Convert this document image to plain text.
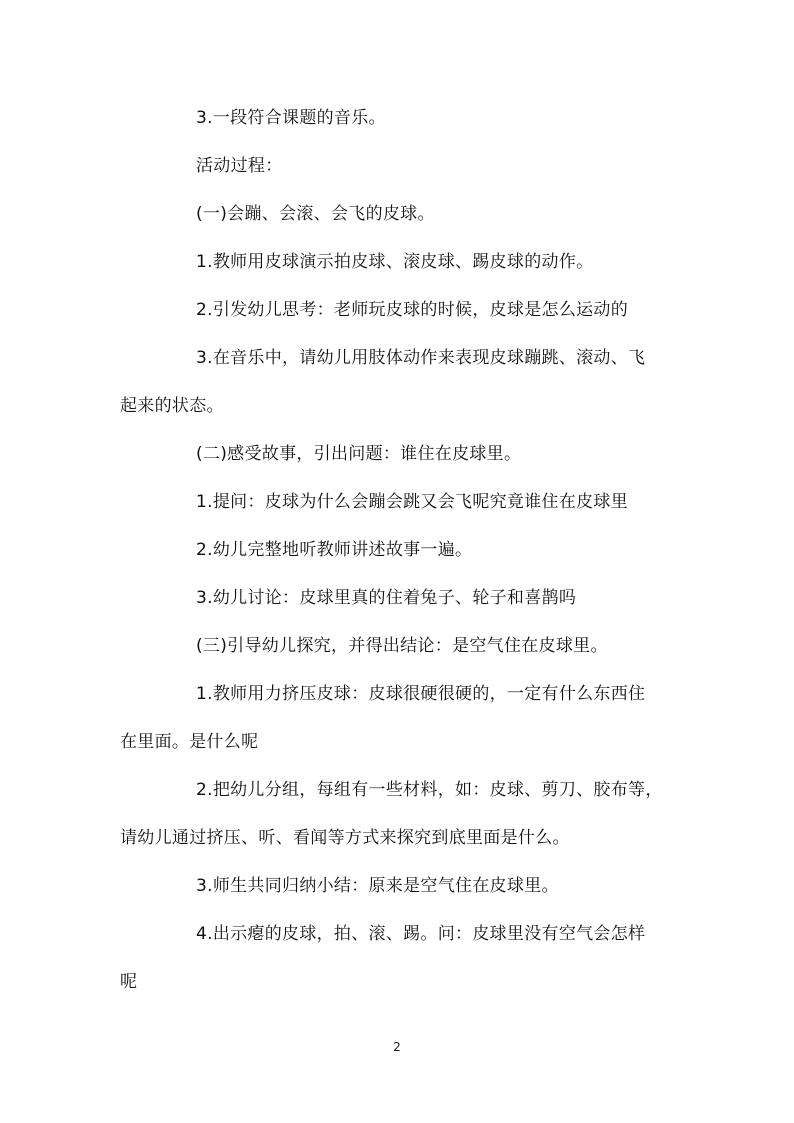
3.一段符合课题的音乐。
活动过程：
(一)会蹦、会滚、会飞的皮球。
1.教师用皮球演示拍皮球、滚皮球、踢皮球的动作。
2.引发幼儿思考：老师玩皮球的时候，皮球是怎么运动的
3.在音乐中，请幼儿用肢体动作来表现皮球蹦跳、滚动、飞
起来的状态。
(二)感受故事，引出问题：谁住在皮球里。
1.提问：皮球为什么会蹦会跳又会飞呢究竟谁住在皮球里
2.幼儿完整地听教师讲述故事一遍。
3.幼儿讨论：皮球里真的住着兔子、轮子和喜鹊吗
(三)引导幼儿探究，并得出结论：是空气住在皮球里。
1.教师用力挤压皮球：皮球很硬很硬的，一定有什么东西住
在里面。是什么呢
2.把幼儿分组，每组有一些材料，如：皮球、剪刀、胶布等，
请幼儿通过挤压、听、看闻等方式来探究到底里面是什么。
3.师生共同归纳小结：原来是空气住在皮球里。
4.出示瘪的皮球，拍、滚、踢。问：皮球里没有空气会怎样
呢
2
